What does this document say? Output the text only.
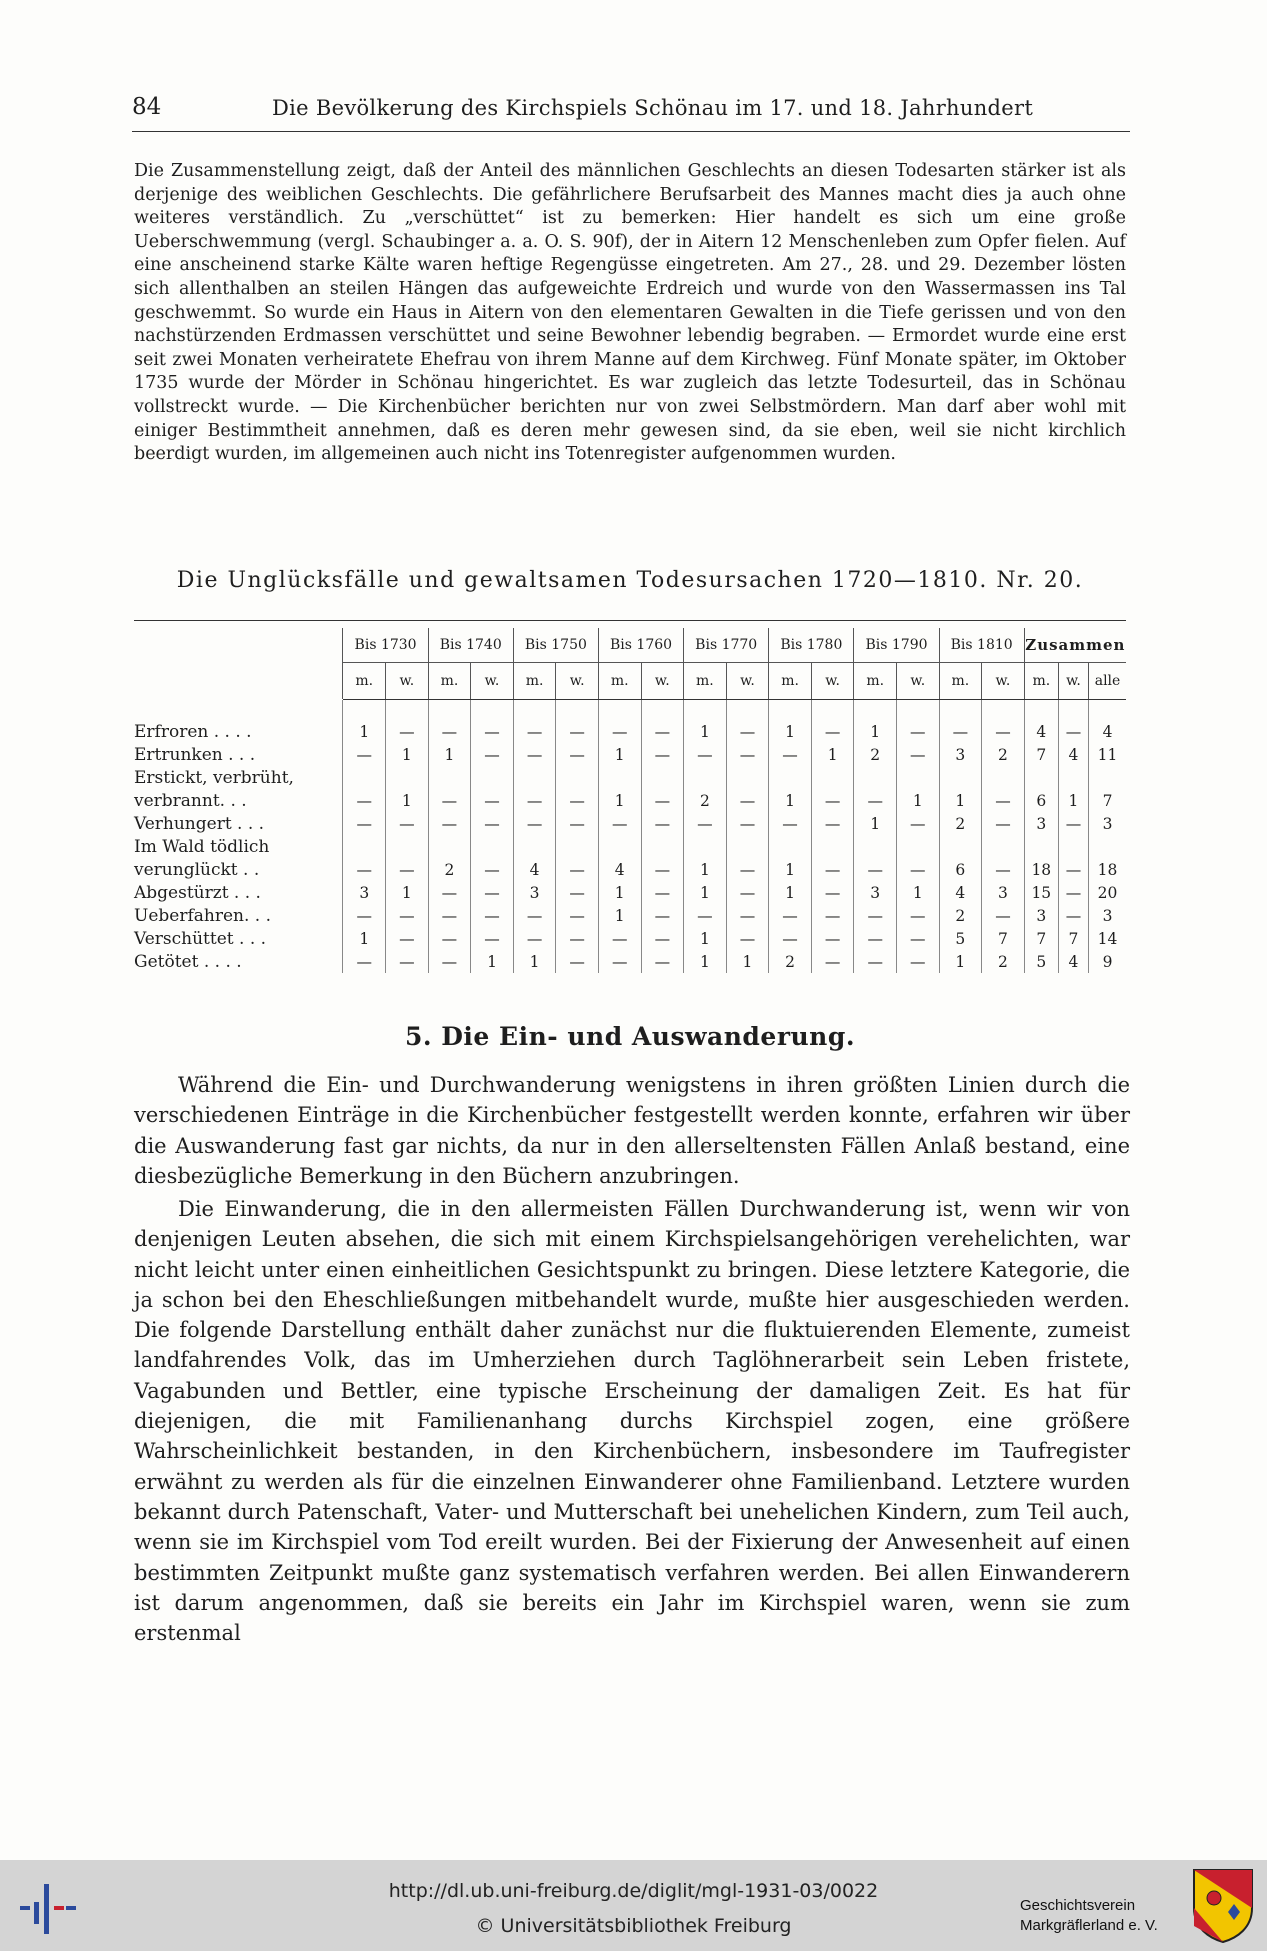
84	Die Bevölkerung des Kirchspiels Schönau im 17. und 18. Jahrhundert

Die Zusammenstellung zeigt, daß der Anteil des männlichen Geschlechts an diesen Todesarten stärker ist als derjenige des weiblichen Geschlechts. Die gefährlichere Berufsarbeit des Mannes macht dies ja auch ohne weiteres verständlich. Zu „verschüttet“ ist zu bemerken: Hier handelt es sich um eine große Ueberschwemmung (vergl. Schaubinger a. a. O. S. 90f), der in Aitern 12 Menschenleben zum Opfer fielen. Auf eine anscheinend starke Kälte waren heftige Regengüsse eingetreten. Am 27., 28. und 29. Dezember lösten sich allenthalben an steilen Hängen das aufgeweichte Erdreich und wurde von den Wassermassen ins Tal geschwemmt. So wurde ein Haus in Aitern von den elementaren Gewalten in die Tiefe gerissen und von den nachstürzenden Erdmassen verschüttet und seine Bewohner lebendig begraben. — Ermordet wurde eine erst seit zwei Monaten verheiratete Ehefrau von ihrem Manne auf dem Kirchweg. Fünf Monate später, im Oktober 1735 wurde der Mörder in Schönau hingerichtet. Es war zugleich das letzte Todesurteil, das in Schönau vollstreckt wurde. — Die Kirchenbücher berichten nur von zwei Selbstmördern. Man darf aber wohl mit einiger Bestimmtheit annehmen, daß es deren mehr gewesen sind, da sie eben, weil sie nicht kirchlich beerdigt wurden, im allgemeinen auch nicht ins Totenregister aufgenommen wurden.

Die Unglücksfälle und gewaltsamen Todesursachen 1720—1810. Nr. 20.
	Bis 1730		Bis 1740		Bis 1750		Bis 1760		Bis 1770		Bis 1780		Bis 1790		Bis 1810		Zusammen		
	m.	w.	m.	w.	m.	w.	m.	w.	m.	w.	m.	w.	m.	w.	m.	w.	m.	w.	alle

Erfroren . . . .	1	—	—	—	—	—	—	—	1	—	1	—	1	—	—	—	4	—	4
Ertrunken . . .	—	1	1	—	—	—	1	—	—	—	—	1	2	—	3	2	7	4	11
Erstickt, verbrüht,																			
verbrannt. . .	—	1	—	—	—	—	1	—	2	—	1	—	—	1	1	—	6	1	7
Verhungert . . .	—	—	—	—	—	—	—	—	—	—	—	—	1	—	2	—	3	—	3
Im Wald tödlich																			
verunglückt . .	—	—	2	—	4	—	4	—	1	—	1	—	—	—	6	—	18	—	18
Abgestürzt . . .	3	1	—	—	3	—	1	—	1	—	1	—	3	1	4	3	15	—	20
Ueberfahren. . .	—	—	—	—	—	—	1	—	—	—	—	—	—	—	2	—	3	—	3
Verschüttet . . .	1	—	—	—	—	—	—	—	1	—	—	—	—	—	5	7	7	7	14
Getötet . . . .	—	—	—	1	1	—	—	—	1	1	2	—	—	—	1	2	5	4	9
5. Die Ein- und Auswanderung.

Während die Ein- und Durchwanderung wenigstens in ihren größten Linien durch die verschiedenen Einträge in die Kirchenbücher festgestellt werden konnte, erfahren wir über die Auswanderung fast gar nichts, da nur in den allerseltensten Fällen Anlaß bestand, eine diesbezügliche Bemerkung in den Büchern anzubringen.

Die Einwanderung, die in den allermeisten Fällen Durchwanderung ist, wenn wir von denjenigen Leuten absehen, die sich mit einem Kirchspielsangehörigen verehelichten, war nicht leicht unter einen einheitlichen Gesichtspunkt zu bringen. Diese letztere Kategorie, die ja schon bei den Eheschließungen mitbehandelt wurde, mußte hier ausgeschieden werden. Die folgende Darstellung enthält daher zunächst nur die fluktuierenden Elemente, zumeist landfahrendes Volk, das im Umherziehen durch Taglöhnerarbeit sein Leben fristete, Vagabunden und Bettler, eine typische Erscheinung der damaligen Zeit. Es hat für diejenigen, die mit Familienanhang durchs Kirchspiel zogen, eine größere Wahrscheinlichkeit bestanden, in den Kirchenbüchern, insbesondere im Taufregister erwähnt zu werden als für die einzelnen Einwanderer ohne Familienband. Letztere wurden bekannt durch Patenschaft, Vater- und Mutterschaft bei unehelichen Kindern, zum Teil auch, wenn sie im Kirchspiel vom Tod ereilt wurden. Bei der Fixierung der Anwesenheit auf einen bestimmten Zeitpunkt mußte ganz systematisch verfahren werden. Bei allen Einwanderern ist darum angenommen, daß sie bereits ein Jahr im Kirchspiel waren, wenn sie zum erstenmal

http://dl.ub.uni-freiburg.de/diglit/mgl-1931-03/0022
© Universitätsbibliothek Freiburg
Geschichtsverein
Markgräflerland e. V.
